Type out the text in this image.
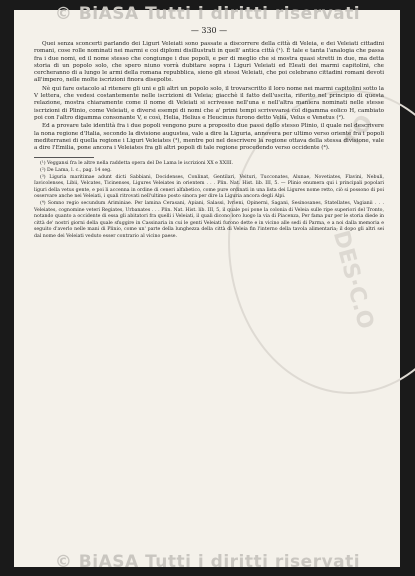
© BiASA Tutti i diritti riservati
© BiASA Tutti i diritti riservati
DES·C.O
TO
— 330 —

Quei senza sconcerti parlando dei Liguri Veleiati sono passate a discorrere della città di Veleia, e dei Veleiati cittadini romani, cose rolle nominati nei marmi e coi diplomi disillustrati in quell' antica città (¹). È tale e tanta l'analogia che passa fra i due nomi, ed il nome stesso che congiunge i due popoli, e per di meglio che si mostra quasi stretti in due, ma detta storia di un popolo solo, che spero niuno vorrà dubitare sopra i Liguri Veleiati ed Eleati dei marmi capitolini, che cercheranno di a lungo le armi della romana repubblica, sieno gli stessi Veleiati, che poi celebrano cittadini romani devoti all'impero, nelle molte iscrizioni finora disepolte.

Nè qui fare ostacolo al ritenere gli uni e gli altri un popolo solo, il trovarscritto il loro nome nei marmi capitolini sotto la V lettera, che vedesi costantemente nelle iscrizioni di Veleia; giacchè il fatto dell'uscita, riferito nel principio di questa relazione, mostra chiaramente come il nome di Veleiati si scrivesse nell'una e nell'altra maniera nominati nelle stesse iscrizioni di Plinio, come Veleiati, e diversi esempi di nomi che a' primi tempi scrivevansi col digamma eolico H, cambiato poi con l'altro digamma consonante V, e così, Helia, Helius e Heucinus furono detto Velia, Velus e Venetus (²).

Ed a provare tale identità fra i due popoli vengono pure a proposito due passi dello stesso Plinio, il quale nel descrivere la nona regione d'Italia, secondo la divisione augustea, vale a dire la Liguria, annovera per ultimo verso oriente fra i popoli mediterranei di quella regione i Liguri Veleiates (³), mentre poi nel descrivere la regione ottava della stessa divisione, vale a dire l'Emilia, pone ancora i Veleiates fra gli altri popoli di tale regione procedendo verso occidente (⁴).

(¹) Veggansi fra le altre nella raddetta opera del De Lama le iscrizioni XX e XXIII.

(²) De Lama, l. c., pag. 14 seg.

(³) Liguria maritimae adunt dicti Sabbiani, Docidenses, Conlinat, Gentilari, Veituri, Tucconates, Alunae, Novetiates, Flavini, Nebuli, Iavicolenses, Libii, Velcates, Ticinenses, Ligures Veleiates in orientem . . . Plin. Nat. Hist. lib. III, 5. — Plinio enumera qui i principali popolari liguri della vetus gente, e poi li accenna in ordine di ceneri alfabetico, come pure ordinati in una lista dei Ligures nome retto, ciò si possono di poi osservare anche nei Veleiati, i quali ritrovati nell'ultimo posto sinora per dire la Liguria ancora degli Alpi.

(⁴) Somno regio secundum Ariminiae. Per lamina Cerasani, Apiani, Salassi, Ivrieni, Opinerni, Sagani, Sesinosanes, Statellates, Vagianii . . . Veleiates, cognomine veteri Regiates, Urbanates . . . Plin. Nat. Hist. lib. III, 5, il quale poi pone la colonia di Veleia sulle ripe superiori del Tronto, notando quanto a occidente di essa gli abitatori fra quelli i Veleiati, il quali dicono loro luogo la via di Piacenza, Per fama pur per le storia diede in città de' nostri giorni della quale sfuggire in Cassinaria in cui le genti Veleiati furono dette e in vicino alle sedi di Parma, e a noi dalla memoria e seguito d'averlo nelle mani di Plinio, come un' parte della lunghezza della città di Veleia fin l'interno della tavola alimentaria; il dopo gli altri sei dal nome dei Veleiati veduto esser contrario al vicino paese.
